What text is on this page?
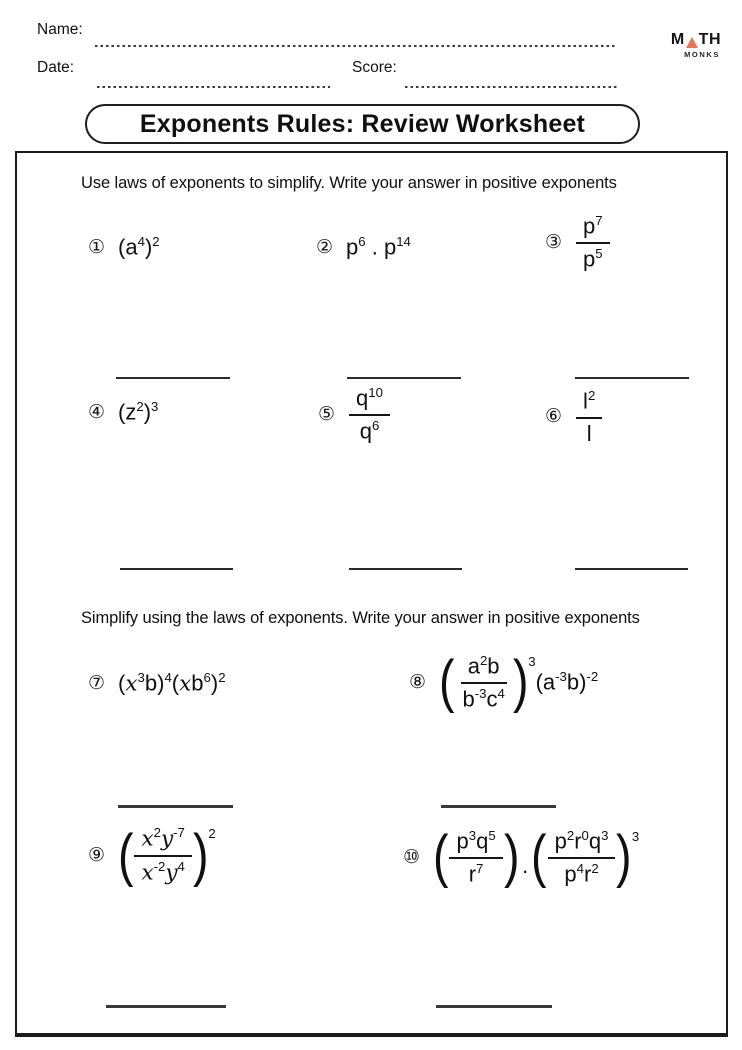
Name:
Date:	Score:
M TH
MONKS
Exponents Rules: Review Worksheet
Use laws of exponents to simplify. Write your answer in positive exponents
① $(a^4)^2$	② $p^6$ . $p^{14}$	③ $\frac{p^7}{p^5}$
④ $(z^2)^3$	⑤ $\frac{q^{10}}{q^6}$	⑥ $\frac{l^2}{l}$
Simplify using the laws of exponents. Write your answer in positive exponents
⑦ $(x^3b)^4(xb^6)^2$	⑧ ( $\frac{a^2b}{b^{-3}c^4}$ ) 3
$(a^{-3}b)^{-2}$
⑨ ( $\frac{x^2y^{-7}}{x^{-2}y^4}$ ) 2
⑩ ( $\frac{p^3q^5}{r^7}$ ) . ( $\frac{p^2r^0q^3}{p^4r^2}$ ) 3
